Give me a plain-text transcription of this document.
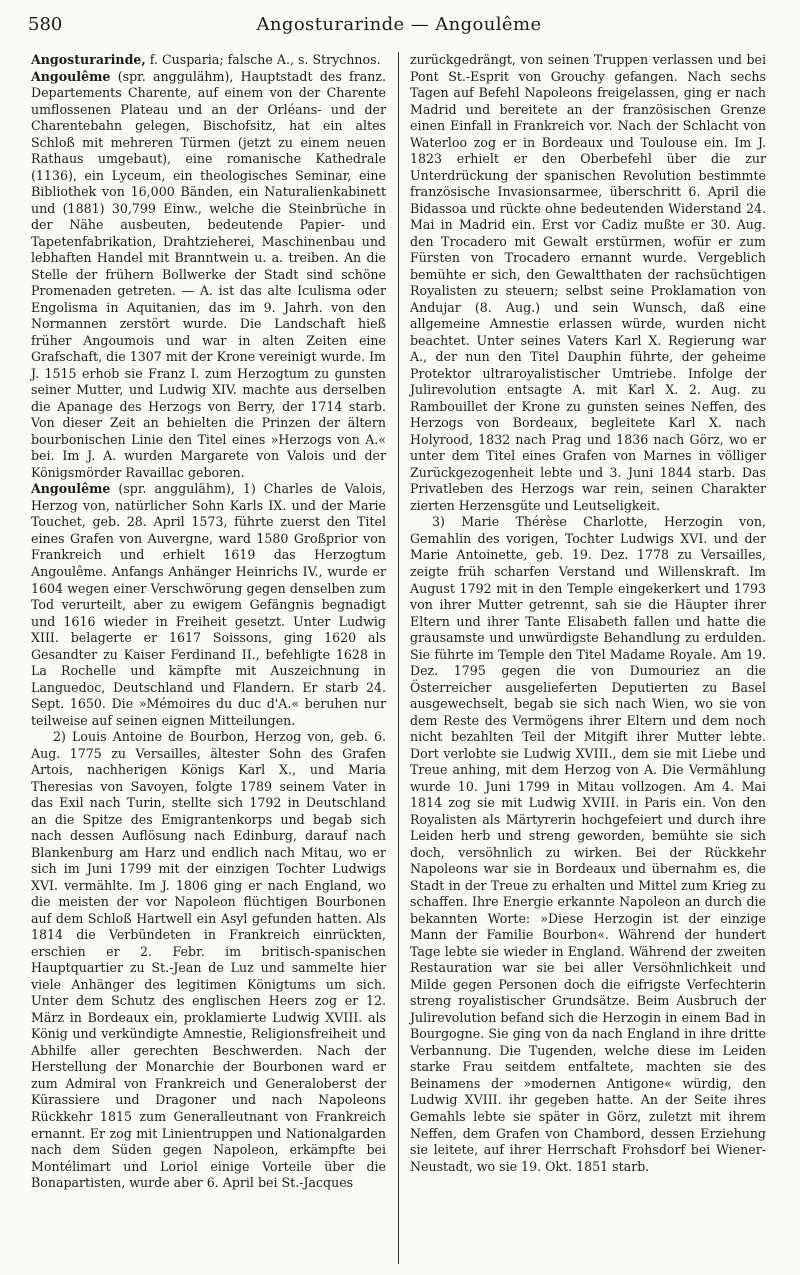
580	Angosturarinde — Angoulême

Angosturarinde, f. Cusparia; falsche A., s. Strychnos.

Angoulême (spr. anggulähm), Hauptstadt des franz. Departements Charente, auf einem von der Charente umflossenen Plateau und an der Orléans- und der Charentebahn gelegen, Bischofsitz, hat ein altes Schloß mit mehreren Türmen (jetzt zu einem neuen Rathaus umgebaut), eine romanische Kathedrale (1136), ein Lyceum, ein theologisches Seminar, eine Bibliothek von 16,000 Bänden, ein Naturalienkabinett und (1881) 30,799 Einw., welche die Steinbrüche in der Nähe ausbeuten, bedeutende Papier- und Tapetenfabrikation, Drahtzieherei, Maschinenbau und lebhaften Handel mit Branntwein u. a. treiben. An die Stelle der frühern Bollwerke der Stadt sind schöne Promenaden getreten. — A. ist das alte Iculisma oder Engolisma in Aquitanien, das im 9. Jahrh. von den Normannen zerstört wurde. Die Landschaft hieß früher Angoumois und war in alten Zeiten eine Grafschaft, die 1307 mit der Krone vereinigt wurde. Im J. 1515 erhob sie Franz I. zum Herzogtum zu gunsten seiner Mutter, und Ludwig XIV. machte aus derselben die Apanage des Herzogs von Berry, der 1714 starb. Von dieser Zeit an behielten die Prinzen der ältern bourbonischen Linie den Titel eines »Herzogs von A.« bei. Im J. A. wurden Margarete von Valois und der Königsmörder Ravaillac geboren.

Angoulême (spr. anggulähm), 1) Charles de Valois, Herzog von, natürlicher Sohn Karls IX. und der Marie Touchet, geb. 28. April 1573, führte zuerst den Titel eines Grafen von Auvergne, ward 1580 Großprior von Frankreich und erhielt 1619 das Herzogtum Angoulême. Anfangs Anhänger Heinrichs IV., wurde er 1604 wegen einer Verschwörung gegen denselben zum Tod verurteilt, aber zu ewigem Gefängnis begnadigt und 1616 wieder in Freiheit gesetzt. Unter Ludwig XIII. belagerte er 1617 Soissons, ging 1620 als Gesandter zu Kaiser Ferdinand II., befehligte 1628 in La Rochelle und kämpfte mit Auszeichnung in Languedoc, Deutschland und Flandern. Er starb 24. Sept. 1650. Die »Mémoires du duc d'A.« beruhen nur teilweise auf seinen eignen Mitteilungen.

2) Louis Antoine de Bourbon, Herzog von, geb. 6. Aug. 1775 zu Versailles, ältester Sohn des Grafen Artois, nachherigen Königs Karl X., und Maria Theresias von Savoyen, folgte 1789 seinem Vater in das Exil nach Turin, stellte sich 1792 in Deutschland an die Spitze des Emigrantenkorps und begab sich nach dessen Auflösung nach Edinburg, darauf nach Blankenburg am Harz und endlich nach Mitau, wo er sich im Juni 1799 mit der einzigen Tochter Ludwigs XVI. vermählte. Im J. 1806 ging er nach England, wo die meisten der vor Napoleon flüchtigen Bourbonen auf dem Schloß Hartwell ein Asyl gefunden hatten. Als 1814 die Verbündeten in Frankreich einrückten, erschien er 2. Febr. im britisch-spanischen Hauptquartier zu St.-Jean de Luz und sammelte hier viele Anhänger des legitimen Königtums um sich. Unter dem Schutz des englischen Heers zog er 12. März in Bordeaux ein, proklamierte Ludwig XVIII. als König und verkündigte Amnestie, Religionsfreiheit und Abhilfe aller gerechten Beschwerden. Nach der Herstellung der Monarchie der Bourbonen ward er zum Admiral von Frankreich und Generaloberst der Kürassiere und Dragoner und nach Napoleons Rückkehr 1815 zum Generalleutnant von Frankreich ernannt. Er zog mit Linientruppen und Nationalgarden nach dem Süden gegen Napoleon, erkämpfte bei Montélimart und Loriol einige Vorteile über die Bonapartisten, wurde aber 6. April bei St.-Jacques

zurückgedrängt, von seinen Truppen verlassen und bei Pont St.-Esprit von Grouchy gefangen. Nach sechs Tagen auf Befehl Napoleons freigelassen, ging er nach Madrid und bereitete an der französischen Grenze einen Einfall in Frankreich vor. Nach der Schlacht von Waterloo zog er in Bordeaux und Toulouse ein. Im J. 1823 erhielt er den Oberbefehl über die zur Unterdrückung der spanischen Revolution bestimmte französische Invasionsarmee, überschritt 6. April die Bidassoa und rückte ohne bedeutenden Widerstand 24. Mai in Madrid ein. Erst vor Cadiz mußte er 30. Aug. den Trocadero mit Gewalt erstürmen, wofür er zum Fürsten von Trocadero ernannt wurde. Vergeblich bemühte er sich, den Gewaltthaten der rachsüchtigen Royalisten zu steuern; selbst seine Proklamation von Andujar (8. Aug.) und sein Wunsch, daß eine allgemeine Amnestie erlassen würde, wurden nicht beachtet. Unter seines Vaters Karl X. Regierung war A., der nun den Titel Dauphin führte, der geheime Protektor ultraroyalistischer Umtriebe. Infolge der Julirevolution entsagte A. mit Karl X. 2. Aug. zu Rambouillet der Krone zu gunsten seines Neffen, des Herzogs von Bordeaux, begleitete Karl X. nach Holyrood, 1832 nach Prag und 1836 nach Görz, wo er unter dem Titel eines Grafen von Marnes in völliger Zurückgezogenheit lebte und 3. Juni 1844 starb. Das Privatleben des Herzogs war rein, seinen Charakter zierten Herzensgüte und Leutseligkeit.

3) Marie Thérèse Charlotte, Herzogin von, Gemahlin des vorigen, Tochter Ludwigs XVI. und der Marie Antoinette, geb. 19. Dez. 1778 zu Versailles, zeigte früh scharfen Verstand und Willenskraft. Im August 1792 mit in den Temple eingekerkert und 1793 von ihrer Mutter getrennt, sah sie die Häupter ihrer Eltern und ihrer Tante Elisabeth fallen und hatte die grausamste und unwürdigste Behandlung zu erdulden. Sie führte im Temple den Titel Madame Royale. Am 19. Dez. 1795 gegen die von Dumouriez an die Österreicher ausgelieferten Deputierten zu Basel ausgewechselt, begab sie sich nach Wien, wo sie von dem Reste des Vermögens ihrer Eltern und dem noch nicht bezahlten Teil der Mitgift ihrer Mutter lebte. Dort verlobte sie Ludwig XVIII., dem sie mit Liebe und Treue anhing, mit dem Herzog von A. Die Vermählung wurde 10. Juni 1799 in Mitau vollzogen. Am 4. Mai 1814 zog sie mit Ludwig XVIII. in Paris ein. Von den Royalisten als Märtyrerin hochgefeiert und durch ihre Leiden herb und streng geworden, bemühte sie sich doch, versöhnlich zu wirken. Bei der Rückkehr Napoleons war sie in Bordeaux und übernahm es, die Stadt in der Treue zu erhalten und Mittel zum Krieg zu schaffen. Ihre Energie erkannte Napoleon an durch die bekannten Worte: »Diese Herzogin ist der einzige Mann der Familie Bourbon«. Während der hundert Tage lebte sie wieder in England. Während der zweiten Restauration war sie bei aller Versöhnlichkeit und Milde gegen Personen doch die eifrigste Verfechterin streng royalistischer Grundsätze. Beim Ausbruch der Julirevolution befand sich die Herzogin in einem Bad in Bourgogne. Sie ging von da nach England in ihre dritte Verbannung. Die Tugenden, welche diese im Leiden starke Frau seitdem entfaltete, machten sie des Beinamens der »modernen Antigone« würdig, den Ludwig XVIII. ihr gegeben hatte. An der Seite ihres Gemahls lebte sie später in Görz, zuletzt mit ihrem Neffen, dem Grafen von Chambord, dessen Erziehung sie leitete, auf ihrer Herrschaft Frohsdorf bei Wiener-Neustadt, wo sie 19. Okt. 1851 starb.
